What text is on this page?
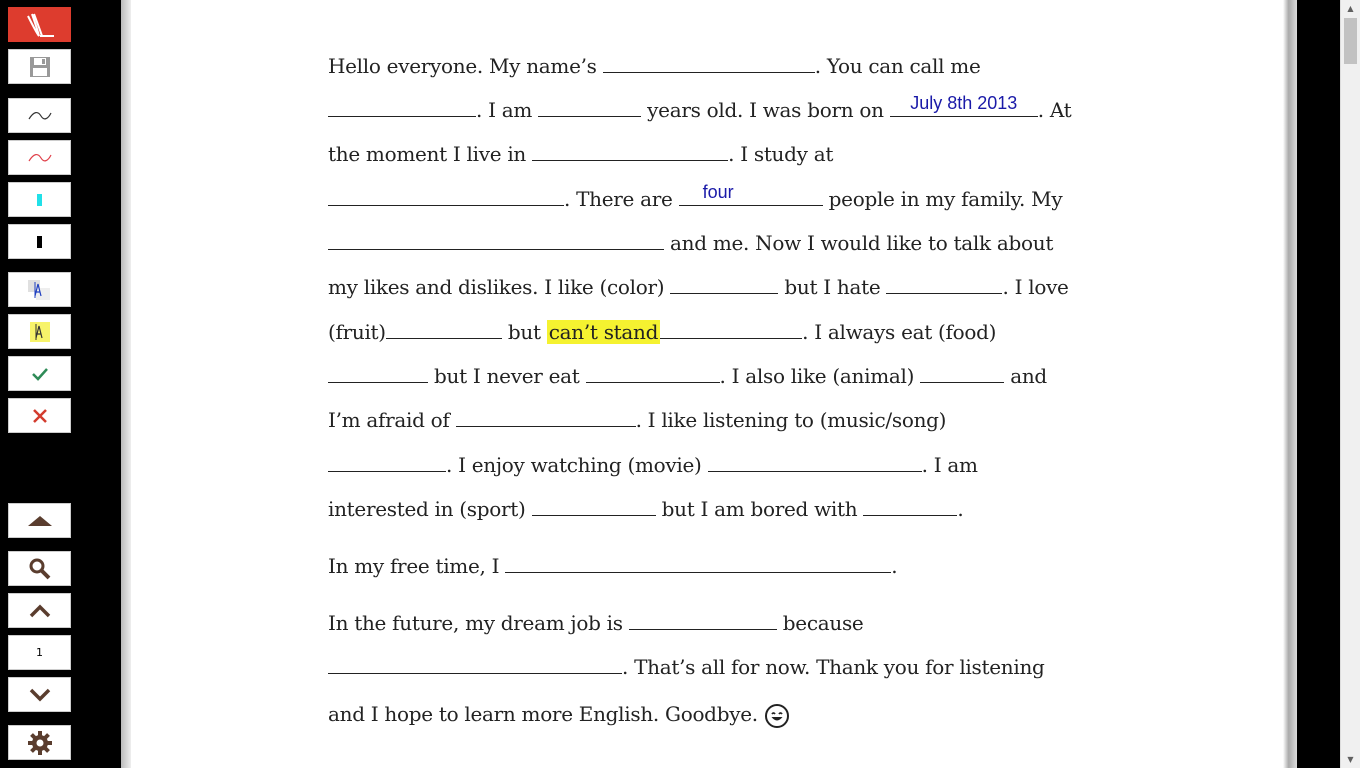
1
▲
▼
Hello everyone. My name’s	. You can call me
. I am	years old. I was born on	July 8th 2013	. At
the moment I live in	. I study at
. There are	four	people in my family. My
and me. Now I would like to talk about
my likes and dislikes. I like (color)	but I hate	. I love
(fruit)	but can’t stand	. I always eat (food)
but I never eat	. I also like (animal)	and
I’m afraid of	. I like listening to (music/song)
. I enjoy watching (movie)	. I am
interested in (sport)	but I am bored with	.
In my free time, I	.
In the future, my dream job is	because
. That’s all for now. Thank you for listening
and I hope to learn more English. Goodbye.
